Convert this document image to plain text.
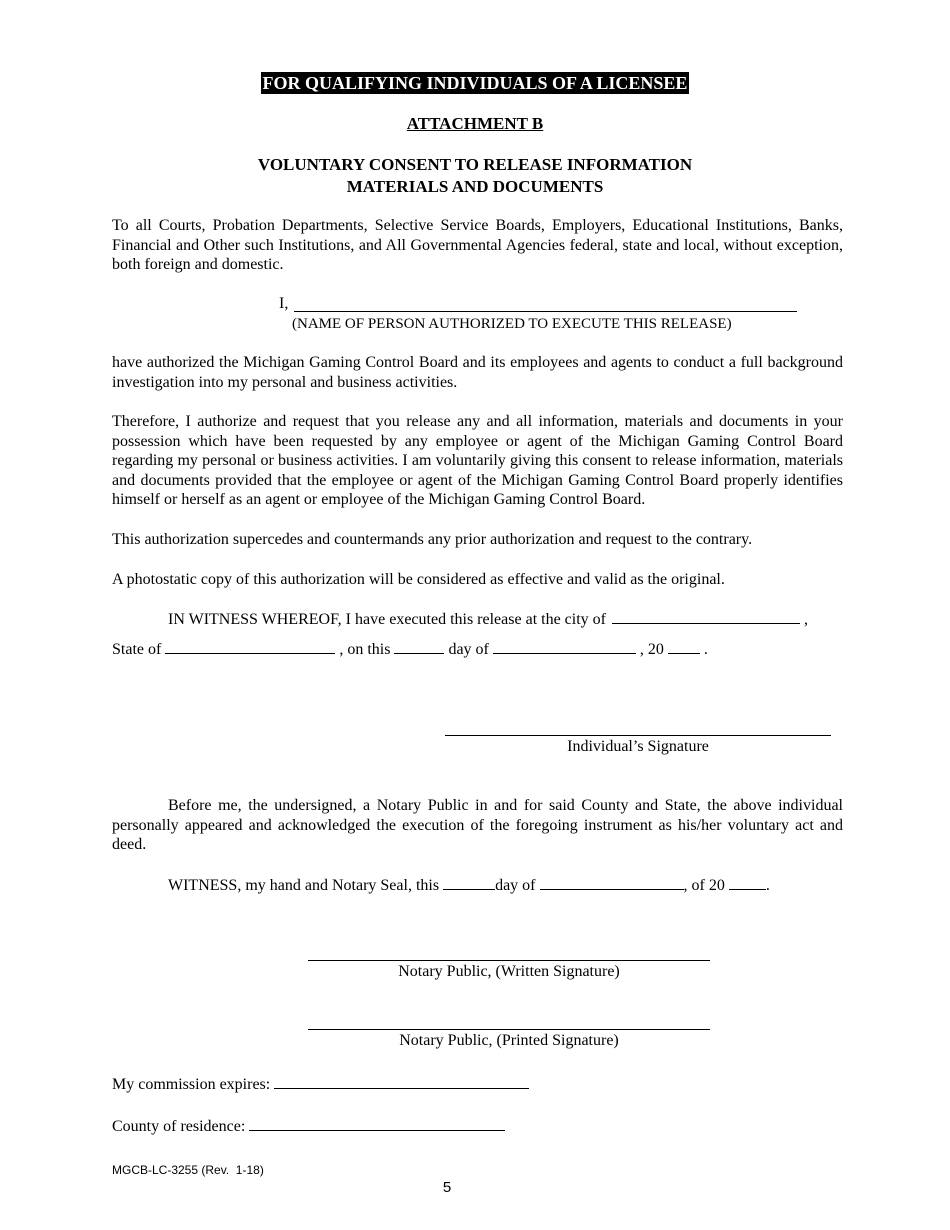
FOR QUALIFYING INDIVIDUALS OF A LICENSEE
ATTACHMENT B
VOLUNTARY CONSENT TO RELEASE INFORMATION
MATERIALS AND DOCUMENTS
To all Courts, Probation Departments, Selective Service Boards, Employers, Educational Institutions, Banks, Financial and Other such Institutions, and All Governmental Agencies federal, state and local, without exception, both foreign and domestic.
I,
(NAME OF PERSON AUTHORIZED TO EXECUTE THIS RELEASE)
have authorized the Michigan Gaming Control Board and its employees and agents to conduct a full background investigation into my personal and business activities.
Therefore, I authorize and request that you release any and all information, materials and documents in your possession which have been requested by any employee or agent of the Michigan Gaming Control Board regarding my personal or business activities. I am voluntarily giving this consent to release information, materials and documents provided that the employee or agent of the Michigan Gaming Control Board properly identifies himself or herself as an agent or employee of the Michigan Gaming Control Board.
This authorization supercedes and countermands any prior authorization and request to the contrary.
A photostatic copy of this authorization will be considered as effective and valid as the original.
IN WITNESS WHEREOF, I have executed this release at the city of	,
State of	, on this	day of	, 20	.
Individual’s Signature
Before me, the undersigned, a Notary Public in and for said County and State, the above individual personally appeared and acknowledged the execution of the foregoing instrument as his/her voluntary act and deed.
WITNESS, my hand and Notary Seal, this	day of	, of 20	.
Notary Public, (Written Signature)
Notary Public, (Printed Signature)
My commission expires:
County of residence:
MGCB-LC-3255 (Rev.  1-18)
5
